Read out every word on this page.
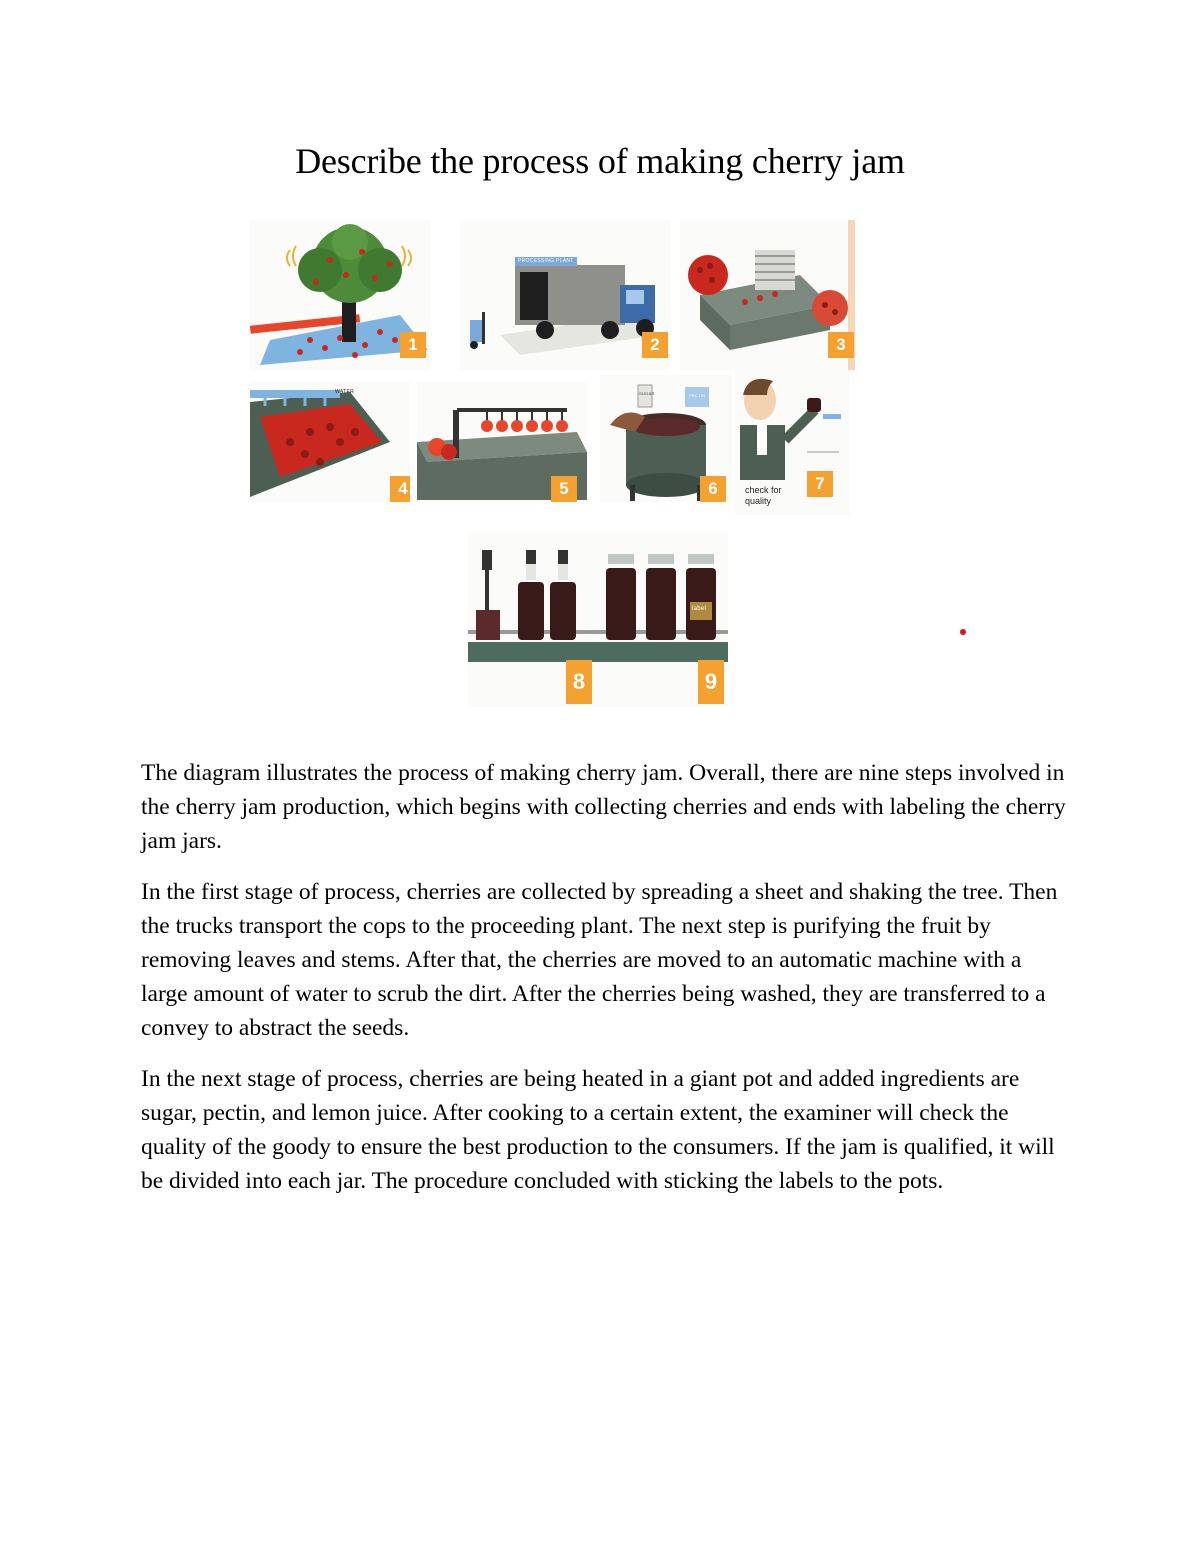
Describe the process of making cherry jam
1
PROCESSING PLANT
2	3
WATER
4	5
SUGAR	PECTIN
6	check for
quality
7
8
label
9

The diagram illustrates the process of making cherry jam. Overall, there are nine steps involved in the cherry jam production, which begins with collecting cherries and ends with labeling the cherry jam jars.

In the first stage of process, cherries are collected by spreading a sheet and shaking the tree. Then the trucks transport the cops to the proceeding plant. The next step is purifying the fruit by removing leaves and stems. After that, the cherries are moved to an automatic machine with a large amount of water to scrub the dirt. After the cherries being washed, they are transferred to a convey to abstract the seeds.

In the next stage of process, cherries are being heated in a giant pot and added ingredients are sugar, pectin, and lemon juice. After cooking to a certain extent, the examiner will check the quality of the goody to ensure the best production to the consumers. If the jam is qualified, it will be divided into each jar. The procedure concluded with sticking the labels to the pots.
